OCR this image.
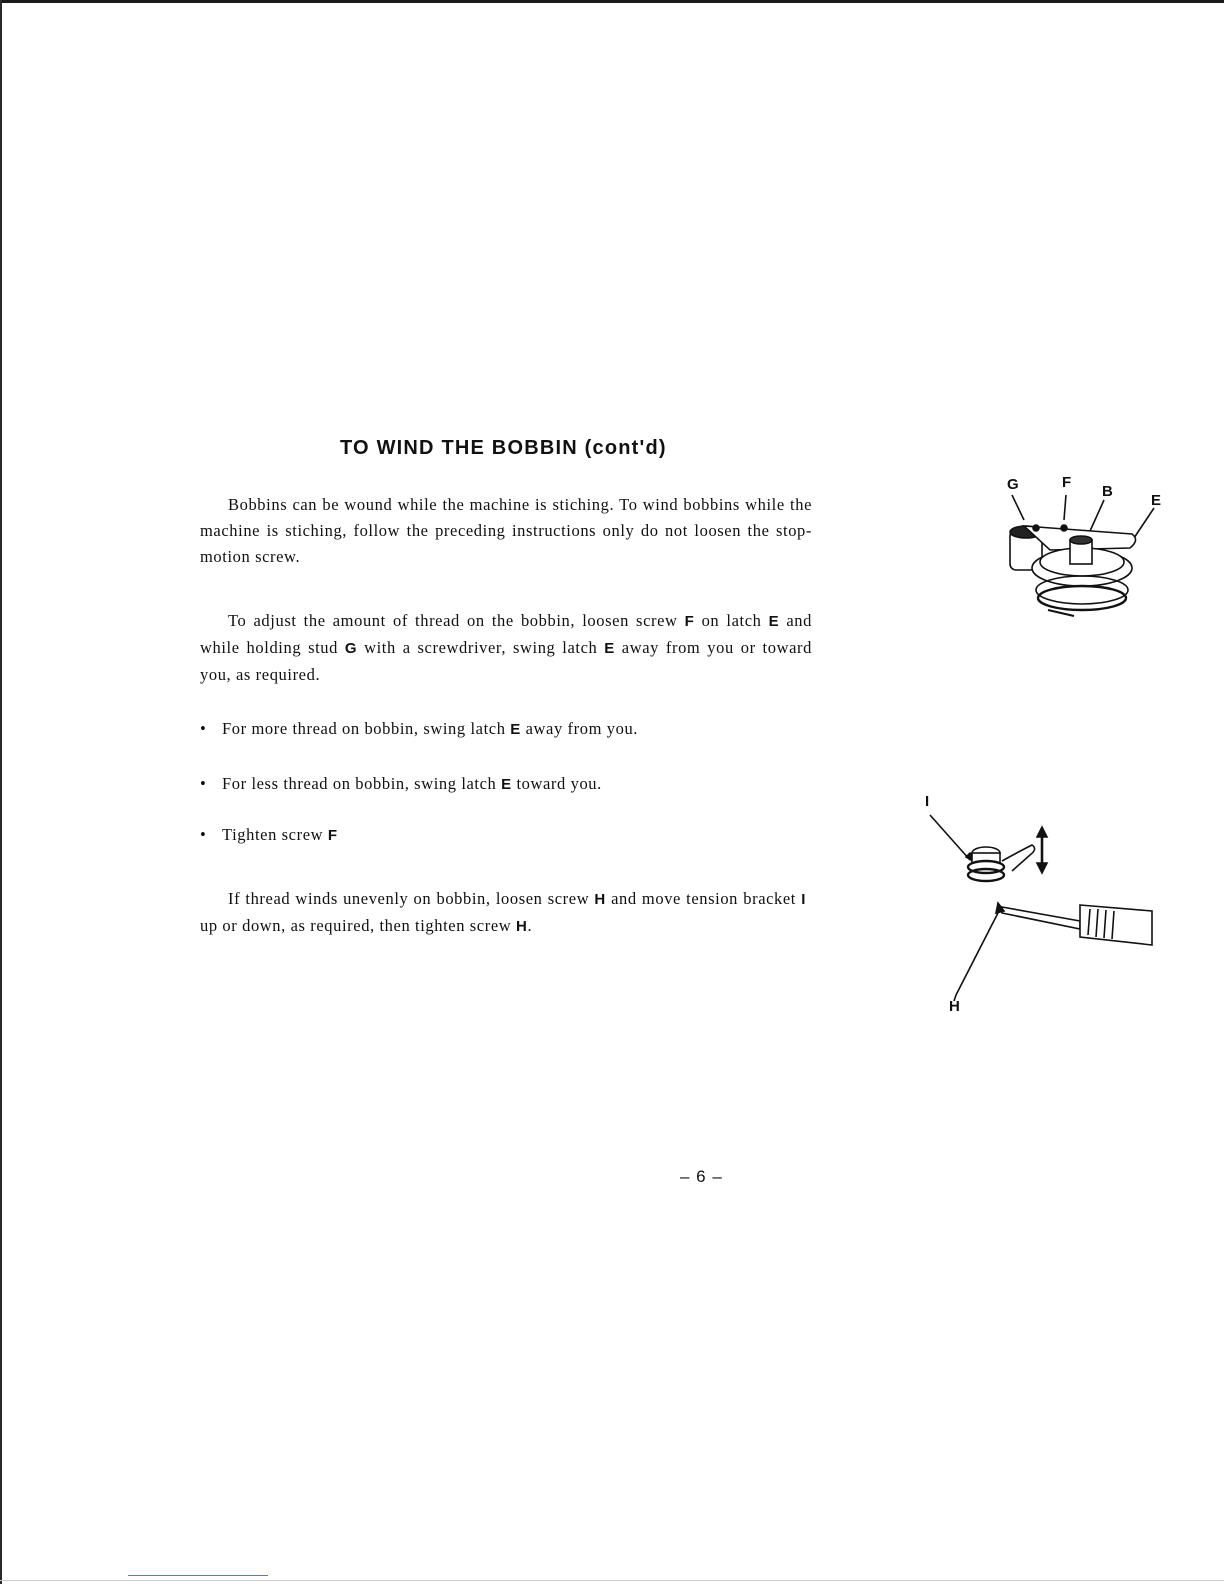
TO WIND THE BOBBIN (cont'd)

Bobbins can be wound while the machine is stiching. To wind bobbins while the machine is stiching, follow the preceding instructions only do not loosen the stop-motion screw.

To adjust the amount of thread on the bobbin, loosen screw F on latch E and while holding stud G with a screwdriver, swing latch E away from you or toward you, as required.

• For more thread on bobbin, swing latch E away from you.
• For less thread on bobbin, swing latch E toward you.
• Tighten screw F

If thread winds unevenly on bobbin, loosen screw H and move tension bracket I up or down, as required, then tighten screw H.

G	F
B
E
I
H
– 6 –
